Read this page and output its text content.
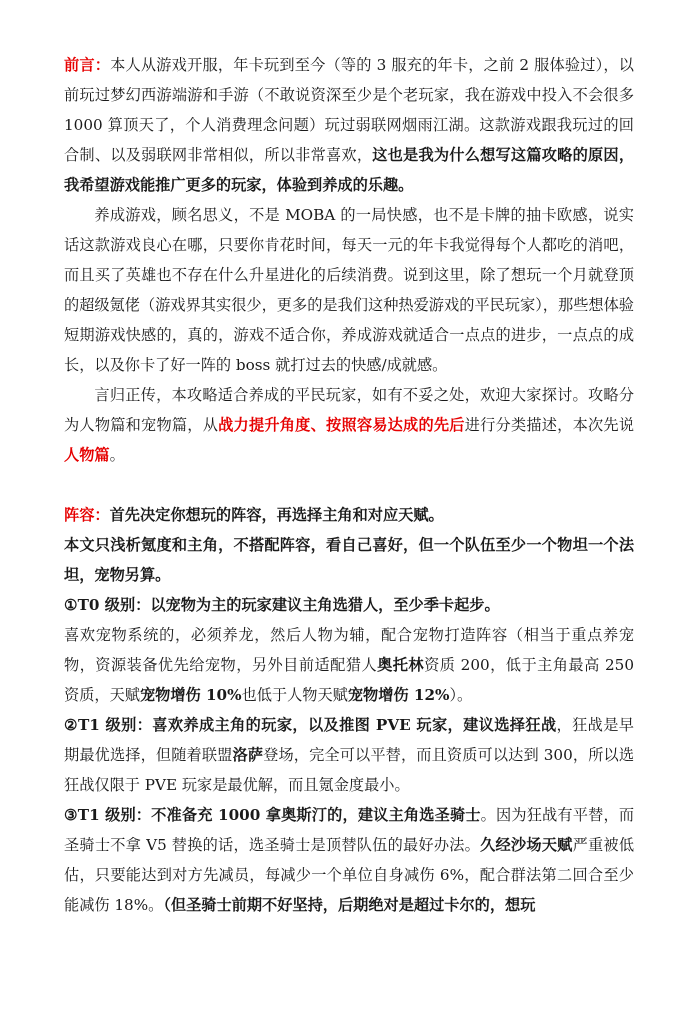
前言：本人从游戏开服，年卡玩到至今（等的 3 服充的年卡，之前 2 服体验过），以前玩过梦幻西游端游和手游（不敢说资深至少是个老玩家，我在游戏中投入不会很多 1000 算顶天了，个人消费理念问题）玩过弱联网烟雨江湖。这款游戏跟我玩过的回合制、以及弱联网非常相似，所以非常喜欢，这也是我为什么想写这篇攻略的原因，我希望游戏能推广更多的玩家，体验到养成的乐趣。

养成游戏，顾名思义，不是 MOBA 的一局快感，也不是卡牌的抽卡欧感，说实话这款游戏良心在哪，只要你肯花时间，每天一元的年卡我觉得每个人都吃的消吧，而且买了英雄也不存在什么升星进化的后续消费。说到这里，除了想玩一个月就登顶的超级氪佬（游戏界其实很少，更多的是我们这种热爱游戏的平民玩家），那些想体验短期游戏快感的，真的，游戏不适合你，养成游戏就适合一点点的进步，一点点的成长，以及你卡了好一阵的 boss 就打过去的快感/成就感。

言归正传，本攻略适合养成的平民玩家，如有不妥之处，欢迎大家探讨。攻略分为人物篇和宠物篇，从战力提升角度、按照容易达成的先后进行分类描述，本次先说人物篇。

阵容：首先决定你想玩的阵容，再选择主角和对应天赋。

本文只浅析氪度和主角，不搭配阵容，看自己喜好，但一个队伍至少一个物坦一个法坦，宠物另算。

①T0 级别：以宠物为主的玩家建议主角选猎人，至少季卡起步。

喜欢宠物系统的，必须养龙，然后人物为辅，配合宠物打造阵容（相当于重点养宠物，资源装备优先给宠物，另外目前适配猎人奥托林资质 200，低于主角最高 250 资质，天赋宠物增伤 10%也低于人物天赋宠物增伤 12%）。

②T1 级别：喜欢养成主角的玩家，以及推图 PVE 玩家，建议选择狂战，狂战是早期最优选择，但随着联盟洛萨登场，完全可以平替，而且资质可以达到 300，所以选狂战仅限于 PVE 玩家是最优解，而且氪金度最小。

③T1 级别：不准备充 1000 拿奥斯汀的，建议主角选圣骑士。因为狂战有平替，而圣骑士不拿 V5 替换的话，选圣骑士是顶替队伍的最好办法。久经沙场天赋严重被低估，只要能达到对方先减员，每减少一个单位自身减伤 6%，配合群法第二回合至少能减伤 18%。（但圣骑士前期不好坚持，后期绝对是超过卡尔的，想玩
